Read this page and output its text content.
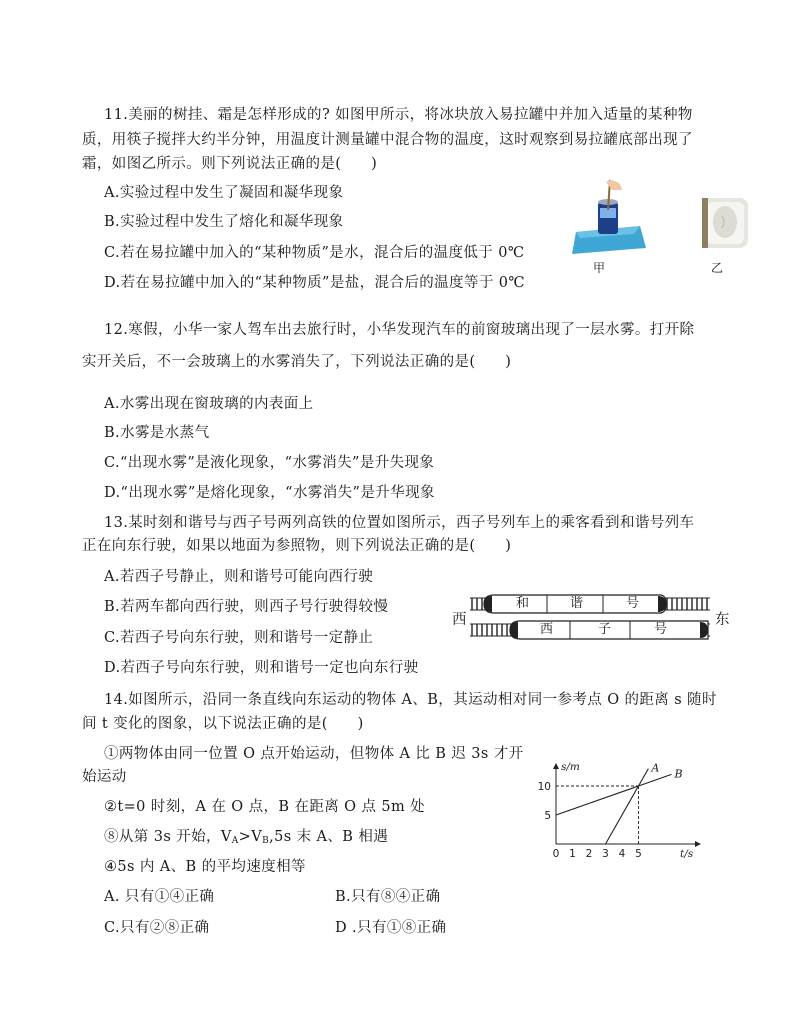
11.美丽的树挂、霜是怎样形成的? 如图甲所示，将冰块放入易拉罐中并加入适量的某种物
质，用筷子搅拌大约半分钟，用温度计测量罐中混合物的温度，这时观察到易拉罐底部出现了
霜，如图乙所示。则下列说法正确的是(　　)
A.实验过程中发生了凝固和凝华现象
B.实验过程中发生了熔化和凝华现象
C.若在易拉罐中加入的“某种物质”是水，混合后的温度低于 0℃
D.若在易拉罐中加入的“某种物质”是盐，混合后的温度等于 0℃
甲	乙
12.寒假，小华一家人驾车出去旅行时，小华发现汽车的前窗玻璃出现了一层水雾。打开除
实开关后，不一会玻璃上的水雾消失了，下列说法正确的是(　　)
A.水雾出现在窗玻璃的内表面上
B.水雾是水蒸气
C.“出现水雾”是液化现象，“水雾消失”是升失现象
D.“出现水雾”是熔化现象，“水雾消失”是升华现象
13.某时刻和谐号与西子号两列高铁的位置如图所示，西子号列车上的乘客看到和谐号列车
正在向东行驶，如果以地面为参照物，则下列说法正确的是(　　)
A.若西子号静止，则和谐号可能向西行驶
B.若两车都向西行驶，则西子号行驶得较慢
C.若西子号向东行驶，则和谐号一定静止
D.若西子号向东行驶，则和谐号一定也向东行驶
和	谐	号
西	子	号
西	东
14.如图所示，沿同一条直线向东运动的物体 A、B，其运动相对同一参考点 O 的距离 s 随时
间 t 变化的图象，以下说法正确的是(　　)
①两物体由同一位置 O 点开始运动，但物体 A 比 B 迟 3s 才开
始运动
②t=0 时刻，A 在 O 点，B 在距离 O 点 5m 处
⑧从第 3s 开始，$V_A>V_B,5s$ 末 A、B 相遇
④5s 内 A、B 的平均速度相等
A. 只有①④正确	B.只有⑧④正确
C.只有②⑧正确	D .只有①⑧正确
0 1 2 3 4 5
5
10
t/s
s/m	A B
